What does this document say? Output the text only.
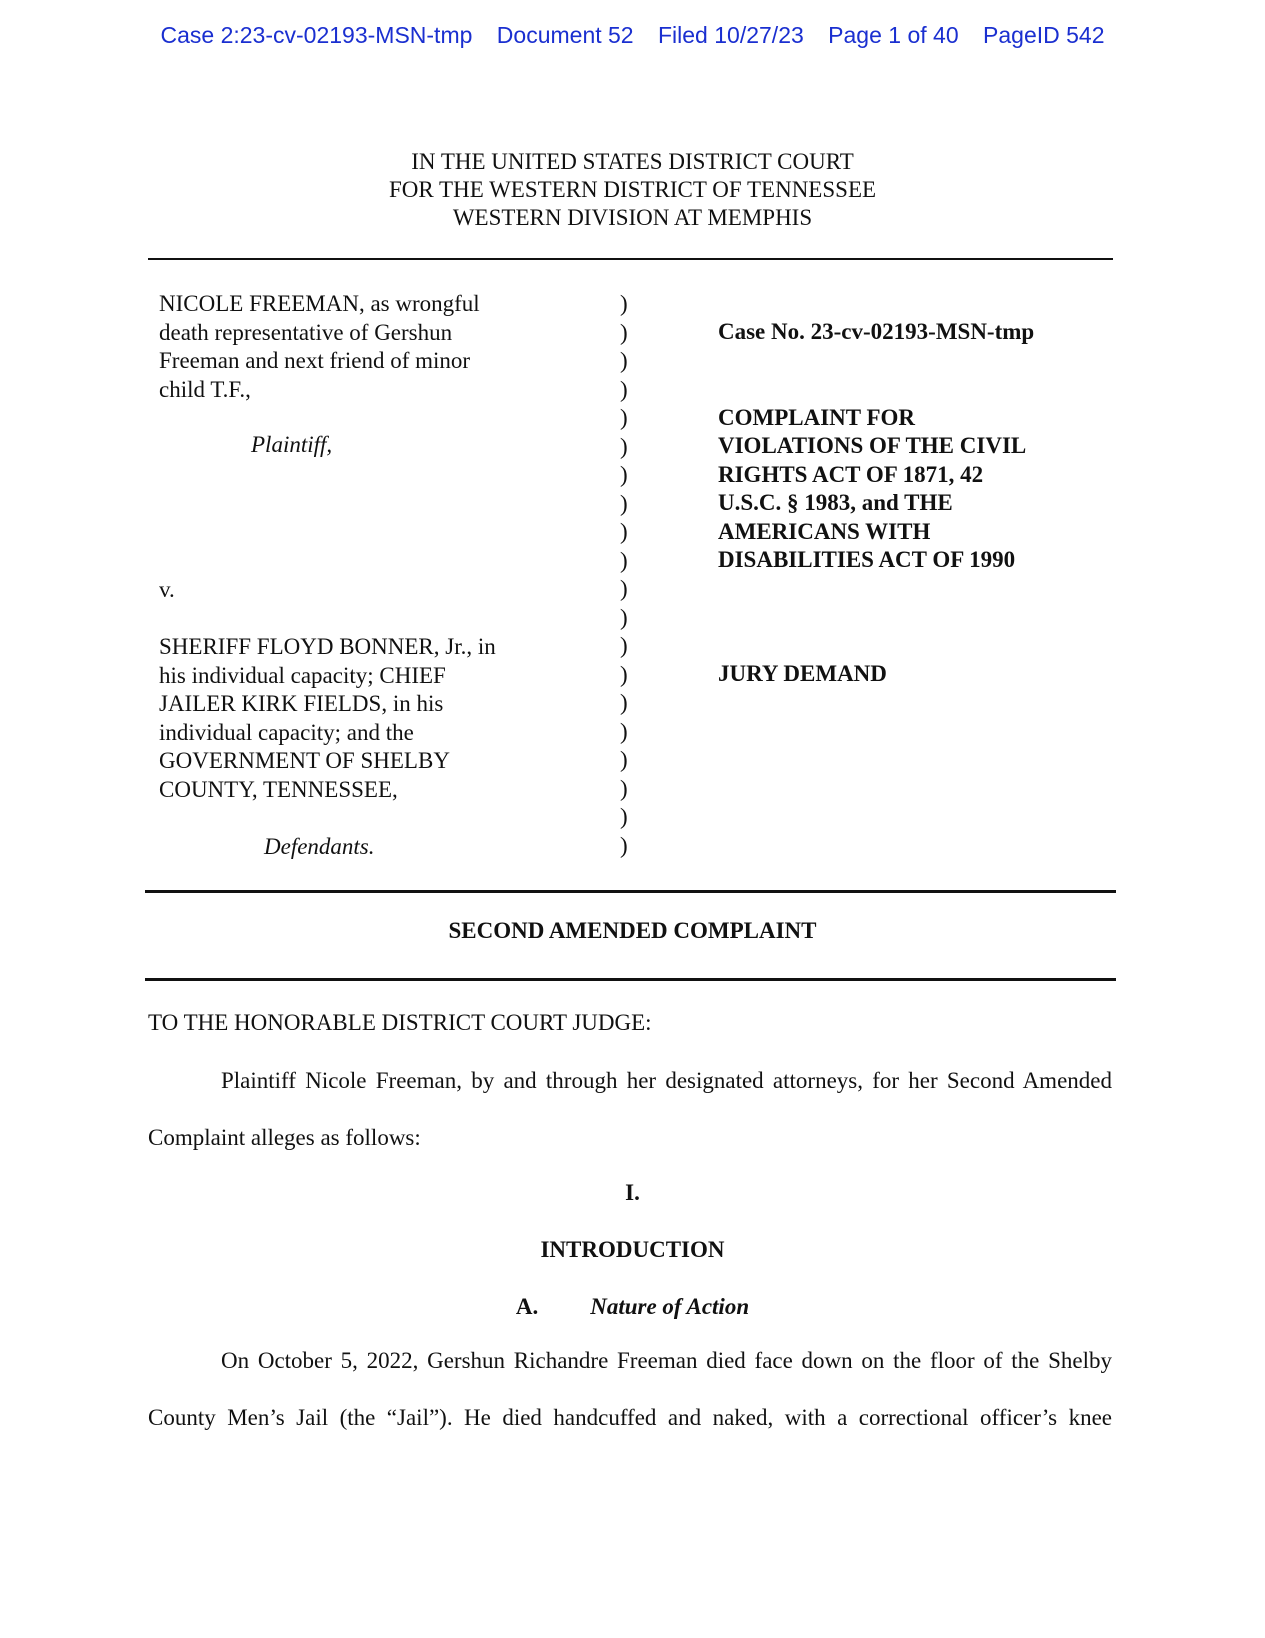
Case 2:23-cv-02193-MSN-tmp Document 52 Filed 10/27/23 Page 1 of 40 PageID 542
IN THE UNITED STATES DISTRICT COURT
FOR THE WESTERN DISTRICT OF TENNESSEE
WESTERN DIVISION AT MEMPHIS
NICOLE FREEMAN, as wrongful
death representative of Gershun
Freeman and next friend of minor
child T.F.,
Plaintiff,
v.
SHERIFF FLOYD BONNER, Jr., in
his individual capacity; CHIEF
JAILER KIRK FIELDS, in his
individual capacity; and the
GOVERNMENT OF SHELBY
COUNTY, TENNESSEE,
Defendants.
)
)
)
)
)
)
)
)
)
)
)
)
)
)
)
)
)
)
)
)
Case No. 23-cv-02193-MSN-tmp
COMPLAINT FOR
VIOLATIONS OF THE CIVIL
RIGHTS ACT OF 1871, 42
U.S.C. § 1983, and THE
AMERICANS WITH
DISABILITIES ACT OF 1990
JURY DEMAND
SECOND AMENDED COMPLAINT
TO THE HONORABLE DISTRICT COURT JUDGE:
Plaintiff Nicole Freeman, by and through her designated attorneys, for her Second Amended Complaint alleges as follows:
I.
INTRODUCTION
A. Nature of Action
On October 5, 2022, Gershun Richandre Freeman died face down on the floor of the Shelby County Men’s Jail (the “Jail”). He died handcuffed and naked, with a correctional officer’s knee
